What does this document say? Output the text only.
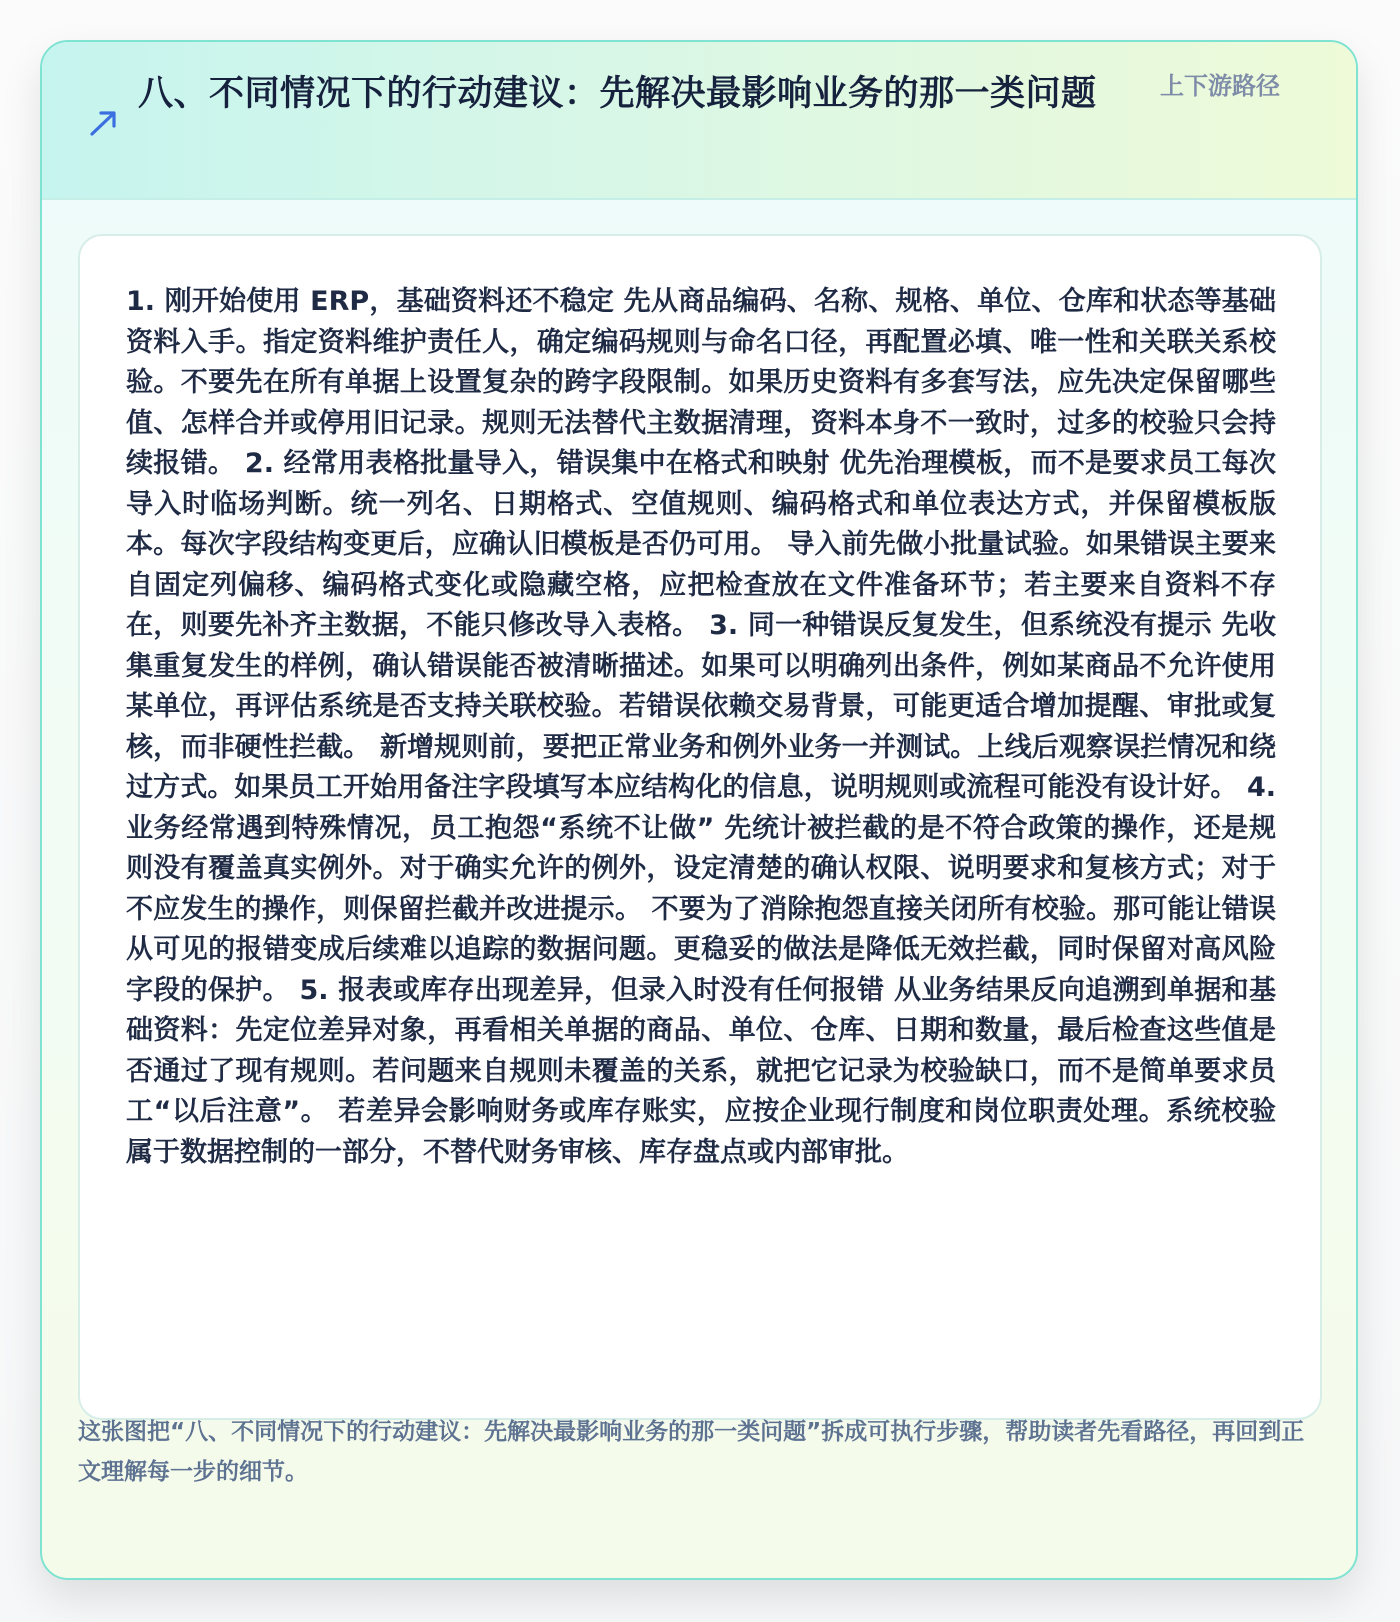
八、不同情况下的行动建议：先解决最影响业务的那一类问题	上下游路径

1. 刚开始使用 ERP，基础资料还不稳定 先从商品编码、名称、规格、单位、仓库和状态等基础资料入手。指定资料维护责任人，确定编码规则与命名口径，再配置必填、唯一性和关联关系校验。不要先在所有单据上设置复杂的跨字段限制。如果历史资料有多套写法，应先决定保留哪些值、怎样合并或停用旧记录。规则无法替代主数据清理，资料本身不一致时，过多的校验只会持续报错。 2. 经常用表格批量导入，错误集中在格式和映射 优先治理模板，而不是要求员工每次导入时临场判断。统一列名、日期格式、空值规则、编码格式和单位表达方式，并保留模板版本。每次字段结构变更后，应确认旧模板是否仍可用。 导入前先做小批量试验。如果错误主要来自固定列偏移、编码格式变化或隐藏空格，应把检查放在文件准备环节；若主要来自资料不存在，则要先补齐主数据，不能只修改导入表格。 3. 同一种错误反复发生，但系统没有提示 先收集重复发生的样例，确认错误能否被清晰描述。如果可以明确列出条件，例如某商品不允许使用某单位，再评估系统是否支持关联校验。若错误依赖交易背景，可能更适合增加提醒、审批或复核，而非硬性拦截。 新增规则前，要把正常业务和例外业务一并测试。上线后观察误拦情况和绕过方式。如果员工开始用备注字段填写本应结构化的信息，说明规则或流程可能没有设计好。 4. 业务经常遇到特殊情况，员工抱怨“系统不让做” 先统计被拦截的是不符合政策的操作，还是规则没有覆盖真实例外。对于确实允许的例外，设定清楚的确认权限、说明要求和复核方式；对于不应发生的操作，则保留拦截并改进提示。 不要为了消除抱怨直接关闭所有校验。那可能让错误从可见的报错变成后续难以追踪的数据问题。更稳妥的做法是降低无效拦截，同时保留对高风险字段的保护。 5. 报表或库存出现差异，但录入时没有任何报错 从业务结果反向追溯到单据和基础资料：先定位差异对象，再看相关单据的商品、单位、仓库、日期和数量，最后检查这些值是否通过了现有规则。若问题来自规则未覆盖的关系，就把它记录为校验缺口，而不是简单要求员工“以后注意”。 若差异会影响财务或库存账实，应按企业现行制度和岗位职责处理。系统校验属于数据控制的一部分，不替代财务审核、库存盘点或内部审批。

这张图把“八、不同情况下的行动建议：先解决最影响业务的那一类问题”拆成可执行步骤，帮助读者先看路径，再回到正文理解每一步的细节。
